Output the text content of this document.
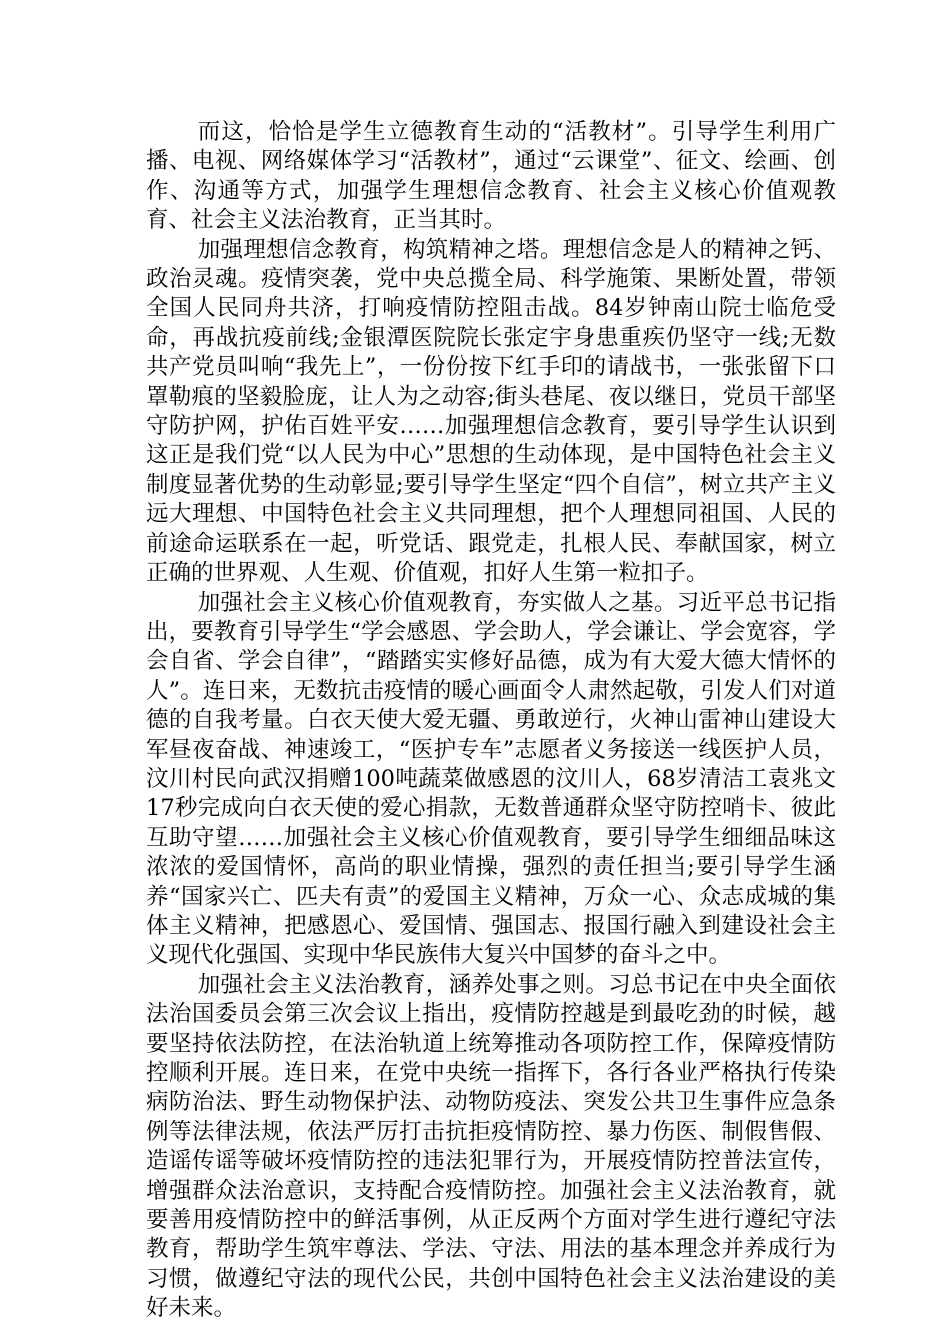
而这，恰恰是学生立德教育生动的“活教材”。引导学生利用广播、电视、网络媒体学习“活教材”，通过“云课堂”、征文、绘画、创作、沟通等方式，加强学生理想信念教育、社会主义核心价值观教育、社会主义法治教育，正当其时。

加强理想信念教育，构筑精神之塔。理想信念是人的精神之钙、政治灵魂。疫情突袭，党中央总揽全局、科学施策、果断处置，带领全国人民同舟共济，打响疫情防控阻击战。84岁钟南山院士临危受命，再战抗疫前线;金银潭医院院长张定宇身患重疾仍坚守一线;无数共产党员叫响“我先上”，一份份按下红手印的请战书，一张张留下口罩勒痕的坚毅脸庞，让人为之动容;街头巷尾、夜以继日，党员干部坚守防护网，护佑百姓平安……加强理想信念教育，要引导学生认识到这正是我们党“以人民为中心”思想的生动体现，是中国特色社会主义制度显著优势的生动彰显;要引导学生坚定“四个自信”，树立共产主义远大理想、中国特色社会主义共同理想，把个人理想同祖国、人民的前途命运联系在一起，听党话、跟党走，扎根人民、奉献国家，树立正确的世界观、人生观、价值观，扣好人生第一粒扣子。

加强社会主义核心价值观教育，夯实做人之基。习近平总书记指出，要教育引导学生“学会感恩、学会助人，学会谦让、学会宽容，学会自省、学会自律”，“踏踏实实修好品德，成为有大爱大德大情怀的人”。连日来，无数抗击疫情的暖心画面令人肃然起敬，引发人们对道德的自我考量。白衣天使大爱无疆、勇敢逆行，火神山雷神山建设大军昼夜奋战、神速竣工，“医护专车”志愿者义务接送一线医护人员，汶川村民向武汉捐赠100吨蔬菜做感恩的汶川人，68岁清洁工袁兆文17秒完成向白衣天使的爱心捐款，无数普通群众坚守防控哨卡、彼此互助守望……加强社会主义核心价值观教育，要引导学生细细品味这浓浓的爱国情怀，高尚的职业情操，强烈的责任担当;要引导学生涵养“国家兴亡、匹夫有责”的爱国主义精神，万众一心、众志成城的集体主义精神，把感恩心、爱国情、强国志、报国行融入到建设社会主义现代化强国、实现中华民族伟大复兴中国梦的奋斗之中。

加强社会主义法治教育，涵养处事之则。习总书记在中央全面依法治国委员会第三次会议上指出，疫情防控越是到最吃劲的时候，越要坚持依法防控，在法治轨道上统筹推动各项防控工作，保障疫情防控顺利开展。连日来，在党中央统一指挥下，各行各业严格执行传染病防治法、野生动物保护法、动物防疫法、突发公共卫生事件应急条例等法律法规，依法严厉打击抗拒疫情防控、暴力伤医、制假售假、造谣传谣等破坏疫情防控的违法犯罪行为，开展疫情防控普法宣传，增强群众法治意识，支持配合疫情防控。加强社会主义法治教育，就要善用疫情防控中的鲜活事例，从正反两个方面对学生进行遵纪守法教育，帮助学生筑牢尊法、学法、守法、用法的基本理念并养成行为习惯，做遵纪守法的现代公民，共创中国特色社会主义法治建设的美好未来。
